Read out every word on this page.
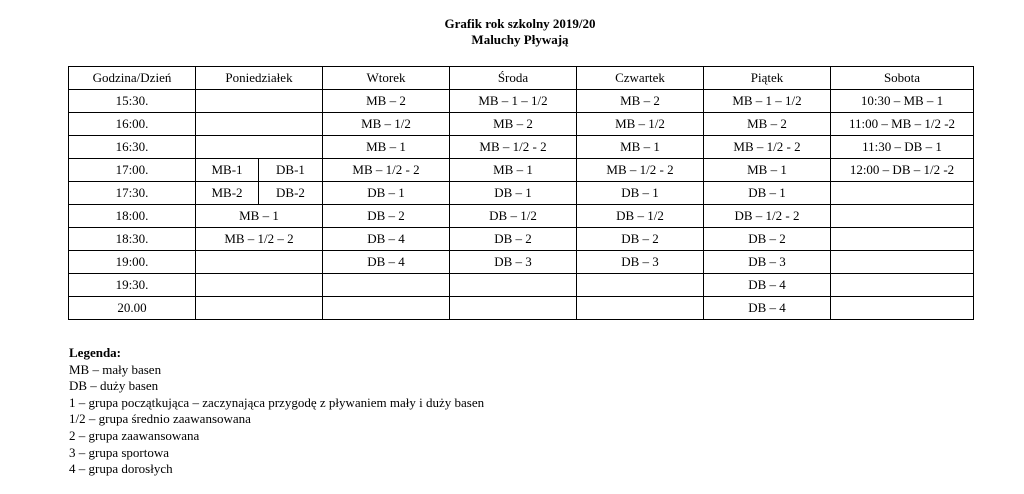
Grafik rok szkolny 2019/20
Maluchy Pływają
Godzina/Dzień	Poniedziałek		Wtorek	Środa	Czwartek	Piątek	Sobota
15:30.			MB – 2	MB – 1 – 1/2	MB – 2	MB – 1 – 1/2	10:30 – MB – 1
16:00.			MB – 1/2	MB – 2	MB – 1/2	MB – 2	11:00 – MB – 1/2 -2
16:30.			MB – 1	MB – 1/2 - 2	MB – 1	MB – 1/2 - 2	11:30 – DB – 1
17:00.	MB-1	DB-1	MB – 1/2 - 2	MB – 1	MB – 1/2 - 2	MB – 1	12:00 – DB – 1/2 -2
17:30.	MB-2	DB-2	DB – 1	DB – 1	DB – 1	DB – 1	
18:00.	MB – 1		DB – 2	DB – 1/2	DB – 1/2	DB – 1/2 - 2	
18:30.	MB – 1/2 – 2		DB – 4	DB – 2	DB – 2	DB – 2	
19:00.			DB – 4	DB – 3	DB – 3	DB – 3	
19:30.						DB – 4	
20.00						DB – 4	
Legenda:
MB – mały basen
DB – duży basen
1 – grupa początkująca – zaczynająca przygodę z pływaniem mały i duży basen
1/2 – grupa średnio zaawansowana
2 – grupa zaawansowana
3 – grupa sportowa
4 – grupa dorosłych
